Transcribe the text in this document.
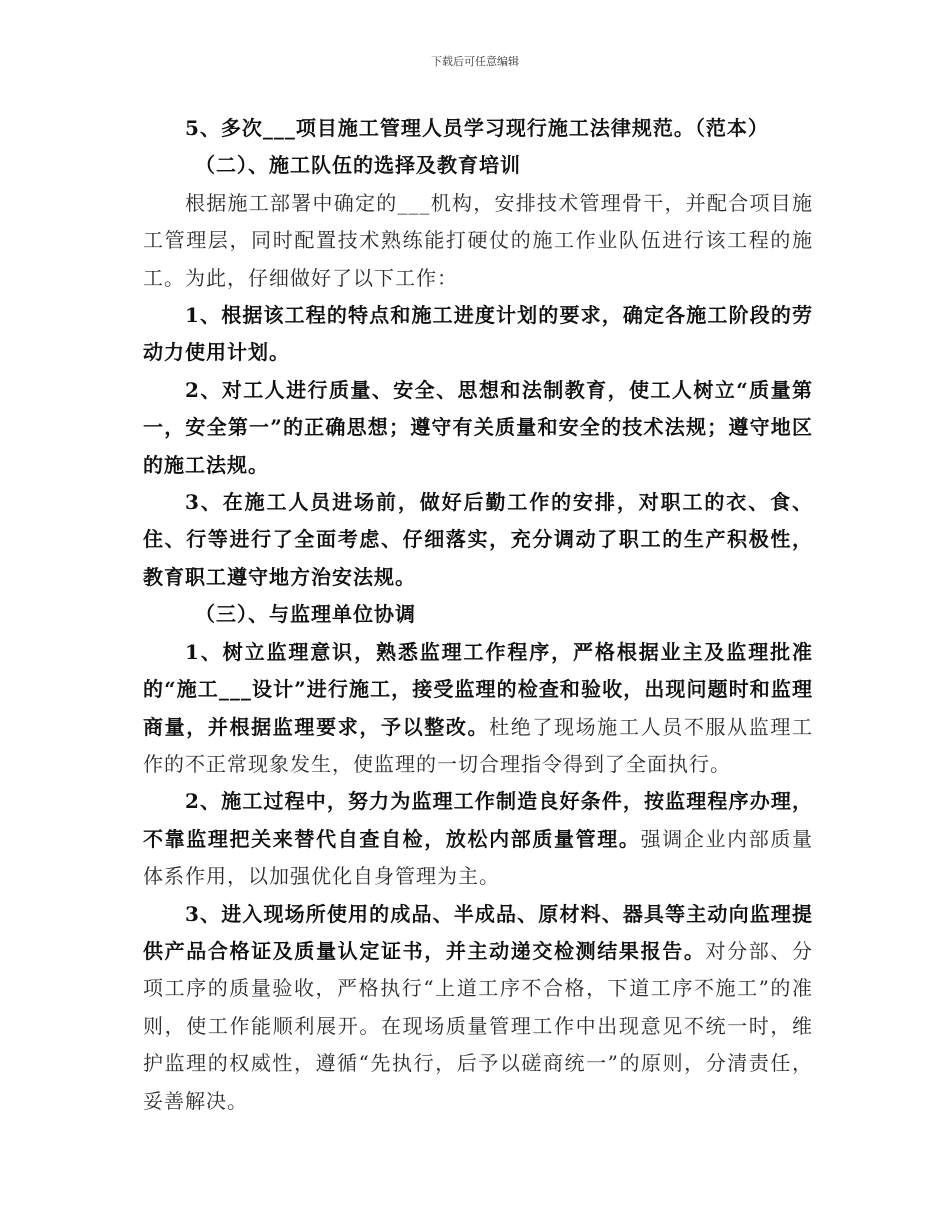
下载后可任意编辑

5、多次___项目施工管理人员学习现行施工法律规范。（范本）

（二）、施工队伍的选择及教育培训

根据施工部署中确定的___机构，安排技术管理骨干，并配合项目施工管理层，同时配置技术熟练能打硬仗的施工作业队伍进行该工程的施工。为此，仔细做好了以下工作：

1、根据该工程的特点和施工进度计划的要求，确定各施工阶段的劳动力使用计划。

2、对工人进行质量、安全、思想和法制教育，使工人树立“质量第一，安全第一”的正确思想；遵守有关质量和安全的技术法规；遵守地区的施工法规。

3、在施工人员进场前，做好后勤工作的安排，对职工的衣、食、住、行等进行了全面考虑、仔细落实，充分调动了职工的生产积极性，教育职工遵守地方治安法规。

（三）、与监理单位协调

1、树立监理意识，熟悉监理工作程序，严格根据业主及监理批准的“施工___设计”进行施工，接受监理的检查和验收，出现问题时和监理商量，并根据监理要求，予以整改。杜绝了现场施工人员不服从监理工作的不正常现象发生，使监理的一切合理指令得到了全面执行。

2、施工过程中，努力为监理工作制造良好条件，按监理程序办理，不靠监理把关来替代自查自检，放松内部质量管理。强调企业内部质量体系作用，以加强优化自身管理为主。

3、进入现场所使用的成品、半成品、原材料、器具等主动向监理提供产品合格证及质量认定证书，并主动递交检测结果报告。对分部、分项工序的质量验收，严格执行“上道工序不合格，下道工序不施工”的准则，使工作能顺利展开。在现场质量管理工作中出现意见不统一时，维护监理的权威性，遵循“先执行，后予以磋商统一”的原则，分清责任，妥善解决。
